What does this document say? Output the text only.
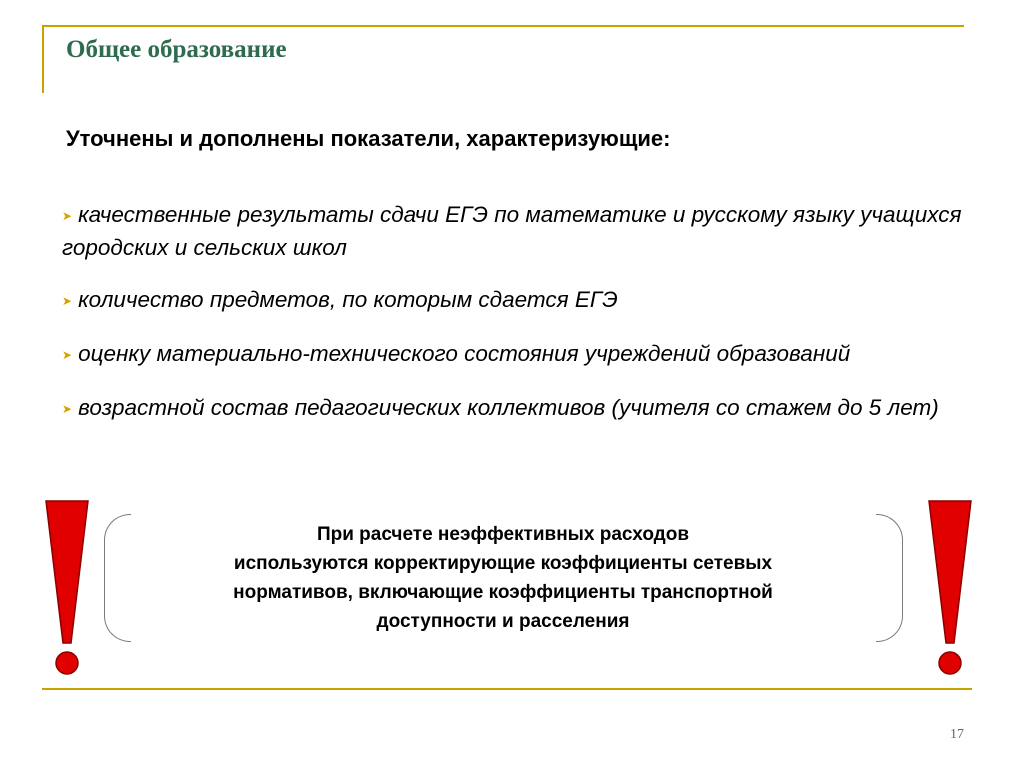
Общее образование
Уточнены и дополнены показатели, характеризующие:
➤ качественные результаты сдачи ЕГЭ по математике и русскому языку учащихся городских и сельских школ
➤ количество предметов, по которым сдается ЕГЭ
➤ оценку материально-технического состояния учреждений образований
➤ возрастной состав педагогических коллективов (учителя со стажем до 5 лет)
При расчете неэффективных расходов
используются корректирующие коэффициенты сетевых
нормативов, включающие коэффициенты транспортной
доступности и расселения
17
